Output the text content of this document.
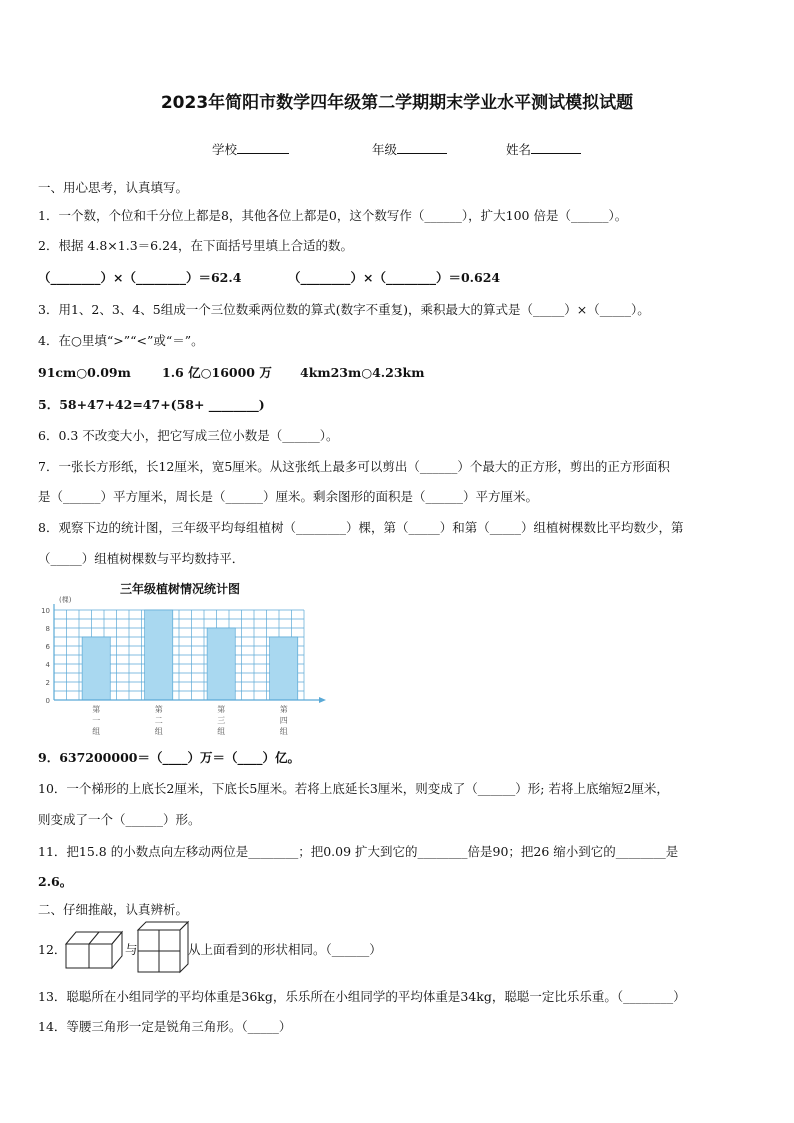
2023年简阳市数学四年级第二学期期末学业水平测试模拟试题
学校	年级	姓名
一、用心思考，认真填写。
1．一个数，个位和千分位上都是8，其他各位上都是0，这个数写作（______），扩大100 倍是（______）。
2．根据 4.8×1.3＝6.24，在下面括号里填上合适的数。
（________）×（________）＝62.4	（________）×（________）＝0.624
3．用1、2、3、4、5组成一个三位数乘两位数的算式(数字不重复)，乘积最大的算式是（_____）×（_____）。
4．在○里填“>”“<”或“＝”。
91cm○0.09m 1.6 亿○16000 万 4km23m○4.23km
5．58+47+42=47+(58+ ________)
6．0.3 不改变大小，把它写成三位小数是（______）。
7．一张长方形纸，长12厘米，宽5厘米。从这张纸上最多可以剪出（______）个最大的正方形，剪出的正方形面积
是（______）平方厘米，周长是（______）厘米。剩余图形的面积是（______）平方厘米。
8．观察下边的统计图，三年级平均每组植树（________）棵，第（_____）和第（_____）组植树棵数比平均数少，第
（_____）组植树棵数与平均数持平．
三年级植树情况统计图
第
一
组
第
二
组
第
三
组
第
四
组
0
2
4
6
8
10
(棵)
9．637200000＝（____）万＝（____）亿。
10．一个梯形的上底长2厘米，下底长5厘米。若将上底延长3厘米，则变成了（______）形; 若将上底缩短2厘米，
则变成了一个（______）形。
11．把15.8 的小数点向左移动两位是________；把0.09 扩大到它的________倍是90；把26 缩小到它的________是
2.6。
二、仔细推敲，认真辨析。
12．	与	从上面看到的形状相同。（______）
13．聪聪所在小组同学的平均体重是36kg，乐乐所在小组同学的平均体重是34kg，聪聪一定比乐乐重。（________）
14．等腰三角形一定是锐角三角形。（_____）
